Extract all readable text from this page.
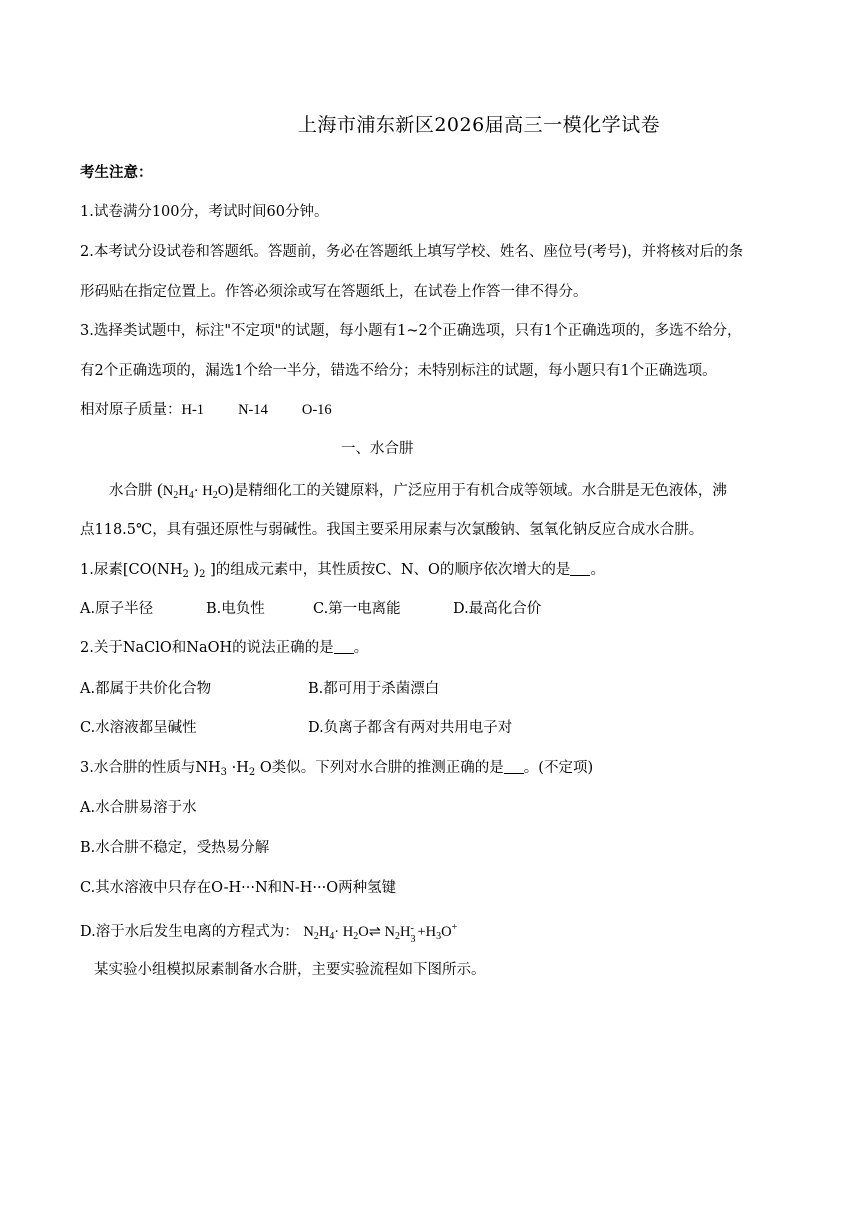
上海市浦东新区2026届高三一模化学试卷
考生注意：
1.试卷满分100分，考试时间60分钟。
2.本考试分设试卷和答题纸。答题前，务必在答题纸上填写学校、姓名、座位号(考号)，并将核对后的条
形码贴在指定位置上。作答必须涂或写在答题纸上，在试卷上作答一律不得分。
3.选择类试题中，标注"不定项"的试题，每小题有1~2个正确选项，只有1个正确选项的，多选不给分，
有2个正确选项的，漏选1个给一半分，错选不给分；未特别标注的试题，每小题只有1个正确选项。
相对原子质量：H-1 N-14 O-16
一、水合肼
水合肼 $(N_2H_4\cdot H_2O)$是精细化工的关键原料，广泛应用于有机合成等领域。水合肼是无色液体，沸
点118.5℃，具有强还原性与弱碱性。我国主要采用尿素与次氯酸钠、氢氧化钠反应合成水合肼。
1.尿素[$CO(NH_2$ )$_2$ ]的组成元素中，其性质按C、N、O的顺序依次增大的是 。
A.原子半径	B.电负性	C.第一电离能	D.最高化合价
2.关于NaClO和NaOH的说法正确的是 。
A.都属于共价化合物	B.都可用于杀菌漂白
C.水溶液都呈碱性	D.负离子都含有两对共用电子对
3.水合肼的性质与$NH_3 \cdot H_2$ O类似。下列对水合肼的推测正确的是 。(不定项)
A.水合肼易溶于水
B.水合肼不稳定，受热易分解
C.其水溶液中只存在O-H···N和N-H···O两种氢键
D.溶于水后发生电离的方程式为： $N_2H_4\cdot$ $H_2O\rightleftharpoons$ $N_2H$ 3
- $+H_3O^+$
某实验小组模拟尿素制备水合肼，主要实验流程如下图所示。
